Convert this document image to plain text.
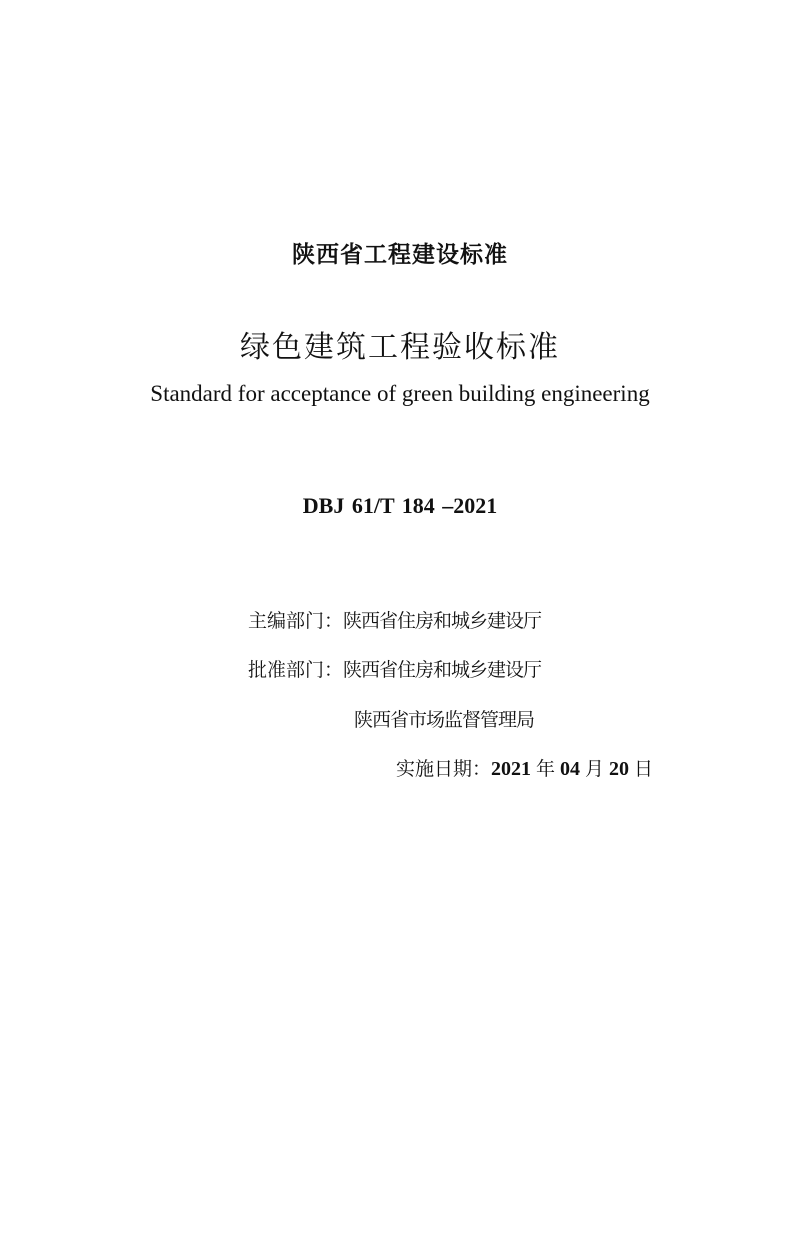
陕西省工程建设标准
绿色建筑工程验收标准
Standard for acceptance of green building engineering
DBJ 61/T 184 –2021
主编部门：陕西省住房和城乡建设厅
批准部门：陕西省住房和城乡建设厅
陕西省市场监督管理局
实施日期：2021 年 04 月 20 日
